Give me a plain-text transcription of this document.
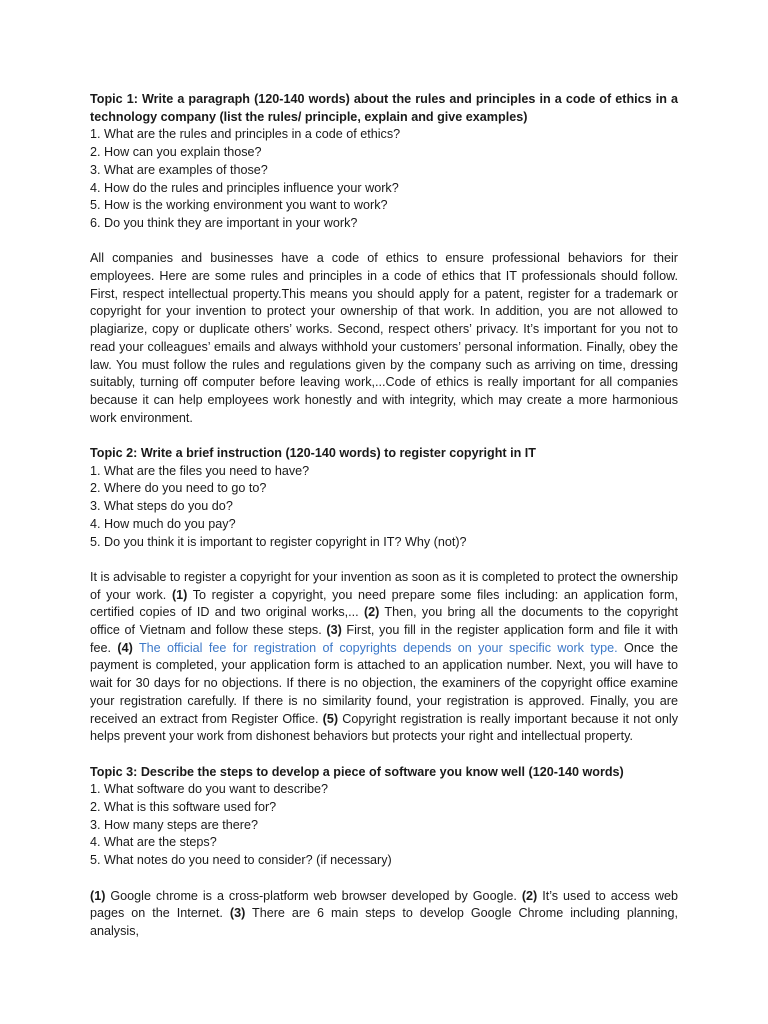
Topic 1: Write a paragraph (120-140 words) about the rules and principles in a code of ethics in a technology company (list the rules/ principle, explain and give examples)

1. What are the rules and principles in a code of ethics?
2. How can you explain those?
3. What are examples of those?
4. How do the rules and principles influence your work?
5. How is the working environment you want to work?
6. Do you think they are important in your work?

All companies and businesses have a code of ethics to ensure professional behaviors for their employees. Here are some rules and principles in a code of ethics that IT professionals should follow. First, respect intellectual property.This means you should apply for a patent, register for a trademark or copyright for your invention to protect your ownership of that work. In addition, you are not allowed to plagiarize, copy or duplicate others’ works. Second, respect others’ privacy. It’s important for you not to read your colleagues’ emails and always withhold your customers’ personal information. Finally, obey the law. You must follow the rules and regulations given by the company such as arriving on time, dressing suitably, turning off computer before leaving work,...Code of ethics is really important for all companies because it can help employees work honestly and with integrity, which may create a more harmonious work environment.

Topic 2: Write a brief instruction (120-140 words) to register copyright in IT

1. What are the files you need to have?
2. Where do you need to go to?
3. What steps do you do?
4. How much do you pay?
5. Do you think it is important to register copyright in IT? Why (not)?

It is advisable to register a copyright for your invention as soon as it is completed to protect the ownership of your work. (1) To register a copyright, you need prepare some files including: an application form, certified copies of ID and two original works,... (2) Then, you bring all the documents to the copyright office of Vietnam and follow these steps. (3) First, you fill in the register application form and file it with fee. (4) The official fee for registration of copyrights depends on your specific work type. Once the payment is completed, your application form is attached to an application number. Next, you will have to wait for 30 days for no objections. If there is no objection, the examiners of the copyright office examine your registration carefully. If there is no similarity found, your registration is approved. Finally, you are received an extract from Register Office. (5) Copyright registration is really important because it not only helps prevent your work from dishonest behaviors but protects your right and intellectual property.

Topic 3: Describe the steps to develop a piece of software you know well (120-140 words)

1. What software do you want to describe?
2. What is this software used for?
3. How many steps are there?
4. What are the steps?
5. What notes do you need to consider? (if necessary)

(1) Google chrome is a cross-platform web browser developed by Google. (2) It’s used to access web pages on the Internet. (3) There are 6 main steps to develop Google Chrome including planning, analysis,
